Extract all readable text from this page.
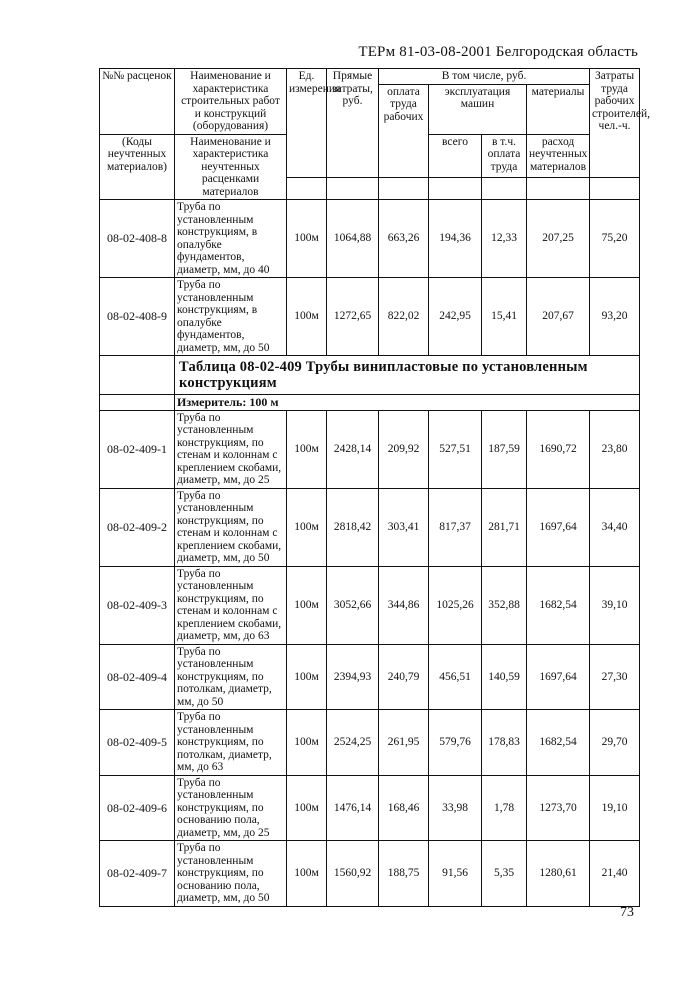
ТЕРм 81-03-08-2001 Белгородская область
№№ расценок	Наименование и характеристика строительных работ и конструкций (оборудования)	Ед. измерения	Прямые затраты, руб.	В том числе, руб.				Затраты труда рабочих строителей, чел.-ч.
				оплата труда рабочих	эксплуатация машин		материалы	
(Коды неучтенных материалов)	Наименование и характеристика неучтенных расценками материалов				всего	в т.ч. оплата труда	расход неучтенных материалов	

08-02-408-8	Труба по установленным конструкциям, в опалубке фундаментов, диаметр, мм, до 40	100м	1064,88	663,26	194,36	12,33	207,25	75,20
08-02-408-9	Труба по установленным конструкциям, в опалубке фундаментов, диаметр, мм, до 50	100м	1272,65	822,02	242,95	15,41	207,67	93,20
	Таблица 08-02-409 Трубы винипластовые по установленным конструкциям							
	Измеритель: 100 м							
08-02-409-1	Труба по установленным конструкциям, по стенам и колоннам с креплением скобами, диаметр, мм, до 25	100м	2428,14	209,92	527,51	187,59	1690,72	23,80
08-02-409-2	Труба по установленным конструкциям, по стенам и колоннам с креплением скобами, диаметр, мм, до 50	100м	2818,42	303,41	817,37	281,71	1697,64	34,40
08-02-409-3	Труба по установленным конструкциям, по стенам и колоннам с креплением скобами, диаметр, мм, до 63	100м	3052,66	344,86	1025,26	352,88	1682,54	39,10
08-02-409-4	Труба по установленным конструкциям, по потолкам, диаметр, мм, до 50	100м	2394,93	240,79	456,51	140,59	1697,64	27,30
08-02-409-5	Труба по установленным конструкциям, по потолкам, диаметр, мм, до 63	100м	2524,25	261,95	579,76	178,83	1682,54	29,70
08-02-409-6	Труба по установленным конструкциям, по основанию пола, диаметр, мм, до 25	100м	1476,14	168,46	33,98	1,78	1273,70	19,10
08-02-409-7	Труба по установленным конструкциям, по основанию пола, диаметр, мм, до 50	100м	1560,92	188,75	91,56	5,35	1280,61	21,40
73
